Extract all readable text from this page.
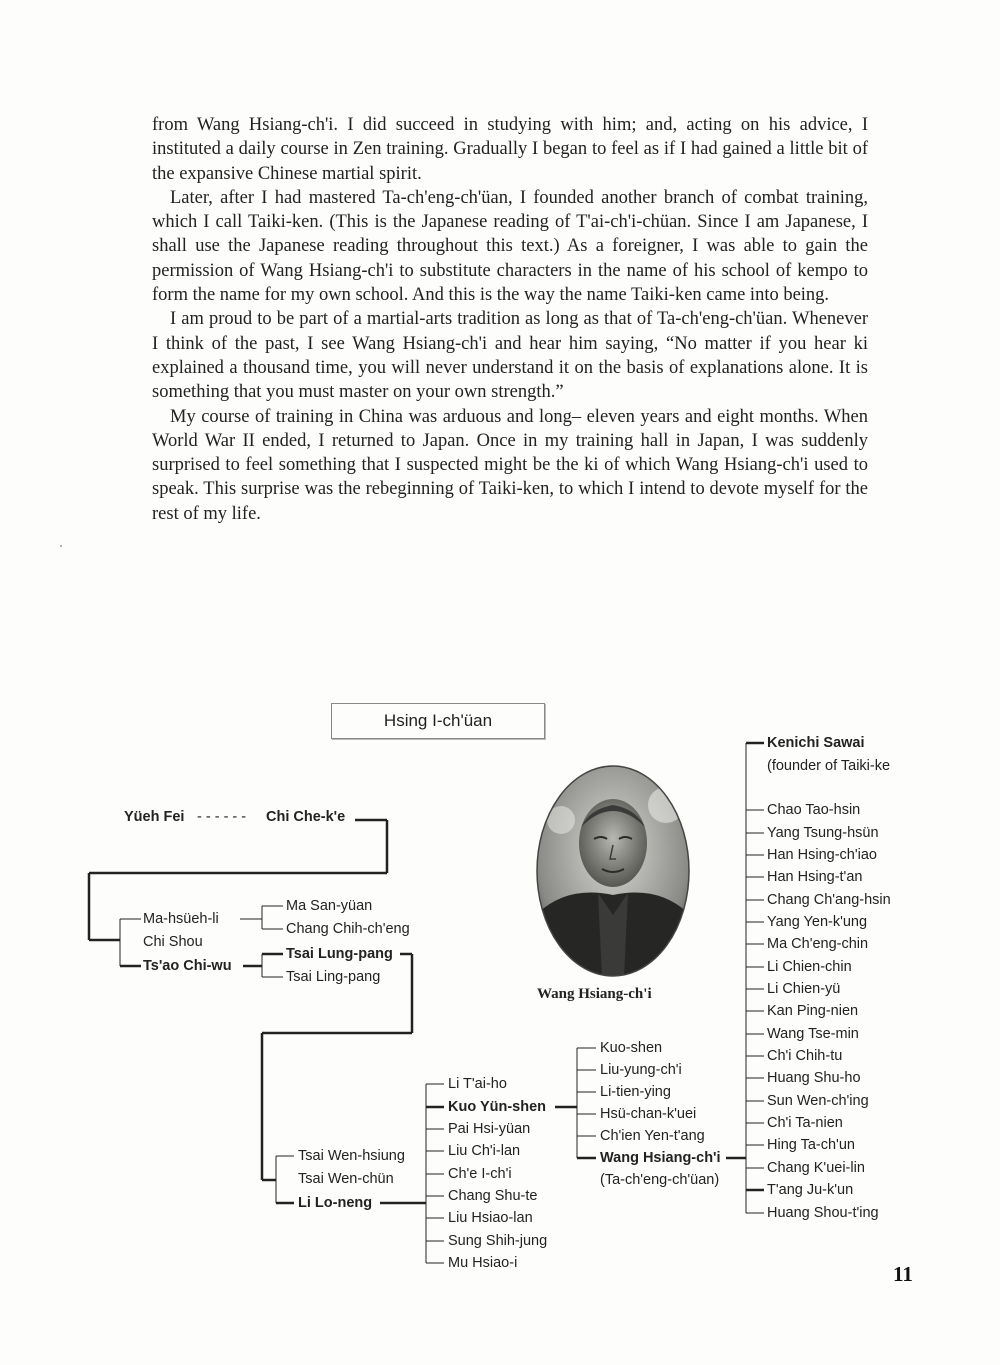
from Wang Hsiang-ch'i. I did succeed in studying with him; and, acting on his advice, I instituted a daily course in Zen training. Gradually I began to feel as if I had gained a little bit of the expansive Chinese martial spirit.

Later, after I had mastered Ta-ch'eng-ch'üan, I founded another branch of combat training, which I call Taiki-ken. (This is the Japanese reading of T'ai-ch'i-chüan. Since I am Japanese, I shall use the Japanese reading throughout this text.) As a foreigner, I was able to gain the permission of Wang Hsiang-ch'i to substitute characters in the name of his school of kempo to form the name for my own school. And this is the way the name Taiki-ken came into being.

I am proud to be part of a martial-arts tradition as long as that of Ta-ch'eng-ch'üan. Whenever I think of the past, I see Wang Hsiang-ch'i and hear him saying, “No matter if you hear ki explained a thousand time, you will never understand it on the basis of explanations alone. It is something that you must master on your own strength.”

My course of training in China was arduous and long– eleven years and eight months. When World War II ended, I returned to Japan. Once in my training hall in Japan, I was suddenly surprised to feel something that I suspected might be the ki of which Wang Hsiang-ch'i used to speak. This surprise was the rebeginning of Taiki-ken, to which I intend to devote myself for the rest of my life.

Hsing I-ch'üan
Yüeh Fei - - - - - - Chi Che-k'e
Ma-hsüeh-li
Chi Shou
Ts'ao Chi-wu
Ma San-yüan
Chang Chih-ch'eng
Tsai Lung-pang
Tsai Ling-pang
Tsai Wen-hsiung
Tsai Wen-chün
Li Lo-neng
Li T'ai-ho
Kuo Yün-shen
Pai Hsi-yüan
Liu Ch'i-lan
Ch'e I-ch'i
Chang Shu-te
Liu Hsiao-lan
Sung Shih-jung
Mu Hsiao-i
Kuo-shen
Liu-yung-ch'i
Li-tien-ying
Hsü-chan-k'uei
Ch'ien Yen-t'ang
Wang Hsiang-ch'i
(Ta-ch'eng-ch'üan)
Kenichi Sawai
(founder of Taiki-ke
Chao Tao-hsin
Yang Tsung-hsün
Han Hsing-ch'iao
Han Hsing-t'an
Chang Ch'ang-hsin
Yang Yen-k'ung
Ma Ch'eng-chin
Li Chien-chin
Li Chien-yü
Kan Ping-nien
Wang Tse-min
Ch'i Chih-tu
Huang Shu-ho
Sun Wen-ch'ing
Ch'i Ta-nien
Hing Ta-ch'un
Chang K'uei-lin
T'ang Ju-k'un
Huang Shou-t'ing
Wang Hsiang-ch'i
11
